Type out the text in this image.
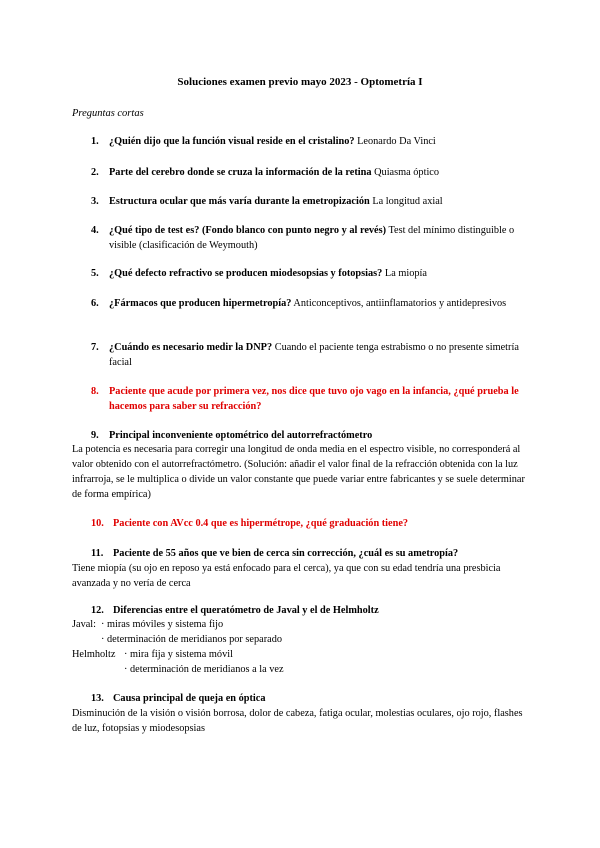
Soluciones examen previo mayo 2023 - Optometría I
Preguntas cortas
1. ¿Quién dijo que la función visual reside en el cristalino? Leonardo Da Vinci
2. Parte del cerebro donde se cruza la información de la retina Quiasma óptico
3. Estructura ocular que más varía durante la emetropización La longitud axial
4. ¿Qué tipo de test es? (Fondo blanco con punto negro y al revés) Test del mínimo distinguible o visible (clasificación de Weymouth)
5. ¿Qué defecto refractivo se producen miodesopsias y fotopsias? La miopía
6. ¿Fármacos que producen hipermetropía? Anticonceptivos, antiinflamatorios y antidepresivos
7. ¿Cuándo es necesario medir la DNP? Cuando el paciente tenga estrabismo o no presente simetría facial
8. Paciente que acude por primera vez, nos dice que tuvo ojo vago en la infancia, ¿qué prueba le hacemos para saber su refracción?
9. Principal inconveniente optométrico del autorrefractómetro
La potencia es necesaria para corregir una longitud de onda media en el espectro visible, no corresponderá al valor obtenido con el autorrefractómetro. (Solución: añadir el valor final de la refracción obtenida con la luz infrarroja, se le multiplica o divide un valor constante que puede variar entre fabricantes y se suele determinar de forma empírica)
10. Paciente con AVcc 0.4 que es hipermétrope, ¿qué graduación tiene?
11. Paciente de 55 años que ve bien de cerca sin corrección, ¿cuál es su ametropía?
Tiene miopía (su ojo en reposo ya está enfocado para el cerca), ya que con su edad tendría una presbicia avanzada y no vería de cerca
12. Diferencias entre el queratómetro de Javal y el de Helmholtz
Javal: · miras móviles y sistema fijo
· determinación de meridianos por separado
Helmholtz · mira fija y sistema móvil
· determinación de meridianos a la vez
13. Causa principal de queja en óptica
Disminución de la visión o visión borrosa, dolor de cabeza, fatiga ocular, molestias oculares, ojo rojo, flashes de luz, fotopsias y miodesopsias
